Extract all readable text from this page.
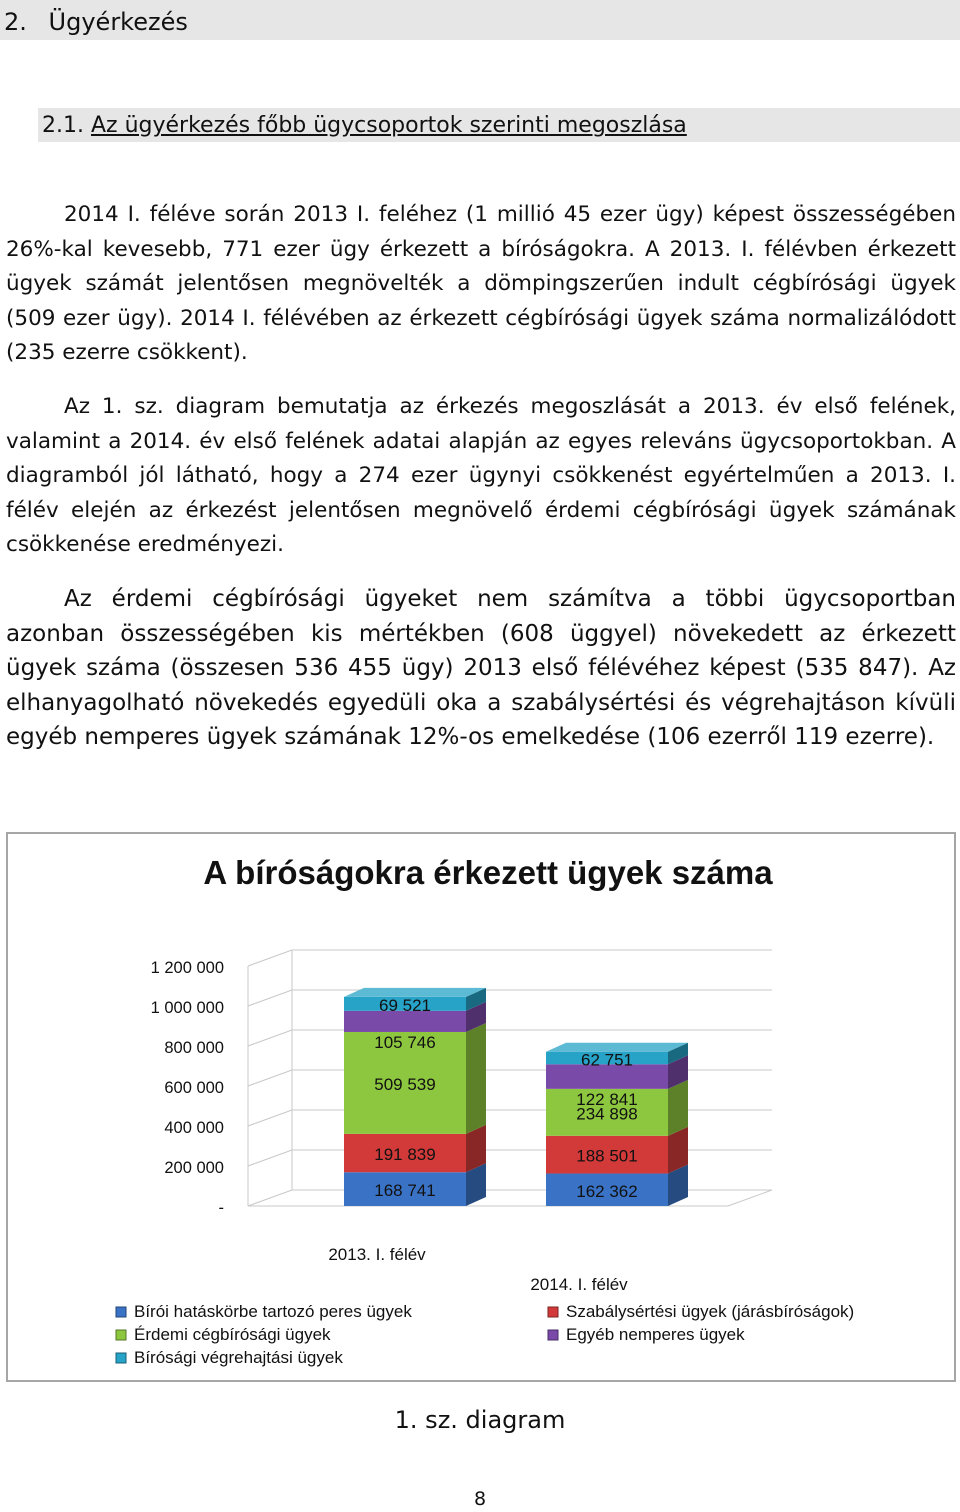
2. Ügyérkezés
2.1. Az ügyérkezés főbb ügycsoportok szerinti megoszlása

2014 I. féléve során 2013 I. feléhez (1 millió 45 ezer ügy) képest összességében 26%-kal kevesebb, 771 ezer ügy érkezett a bíróságokra. A 2013. I. félévben érkezett ügyek számát jelentősen megnövelték a dömpingszerűen indult cégbírósági ügyek (509 ezer ügy). 2014 I. félévében az érkezett cégbírósági ügyek száma normalizálódott (235 ezerre csökkent).

Az 1. sz. diagram bemutatja az érkezés megoszlását a 2013. év első felének, valamint a 2014. év első felének adatai alapján az egyes releváns ügycsoportokban. A diagramból jól látható, hogy a 274 ezer ügynyi csökkenést egyértelműen a 2013. I. félév elején az érkezést jelentősen megnövelő érdemi cégbírósági ügyek számának csökkenése eredményezi.

Az érdemi cégbírósági ügyeket nem számítva a többi ügycsoportban azonban összességében kis mértékben (608 üggyel) növekedett az érkezett ügyek száma (összesen 536 455 ügy) 2013 első félévéhez képest (535 847). Az elhanyagolható növekedés egyedüli oka a szabálysértési és végrehajtáson kívüli egyéb nemperes ügyek számának 12%-os emelkedése (106 ezerről 119 ezerre).

A bíróságokra érkezett ügyek száma
-
200 000
400 000
600 000
800 000
1 000 000
1 200 000
168 741
191 839
509 539
105 746
69 521
2013. I. félév
162 362
188 501
234 898
122 841
62 751
2014. I. félév
Bírói hatáskörbe tartozó peres ügyek	Szabálysértési ügyek (járásbíróságok)
Érdemi cégbírósági ügyek	Egyéb nemperes ügyek
Bírósági végrehajtási ügyek
1. sz. diagram
8
